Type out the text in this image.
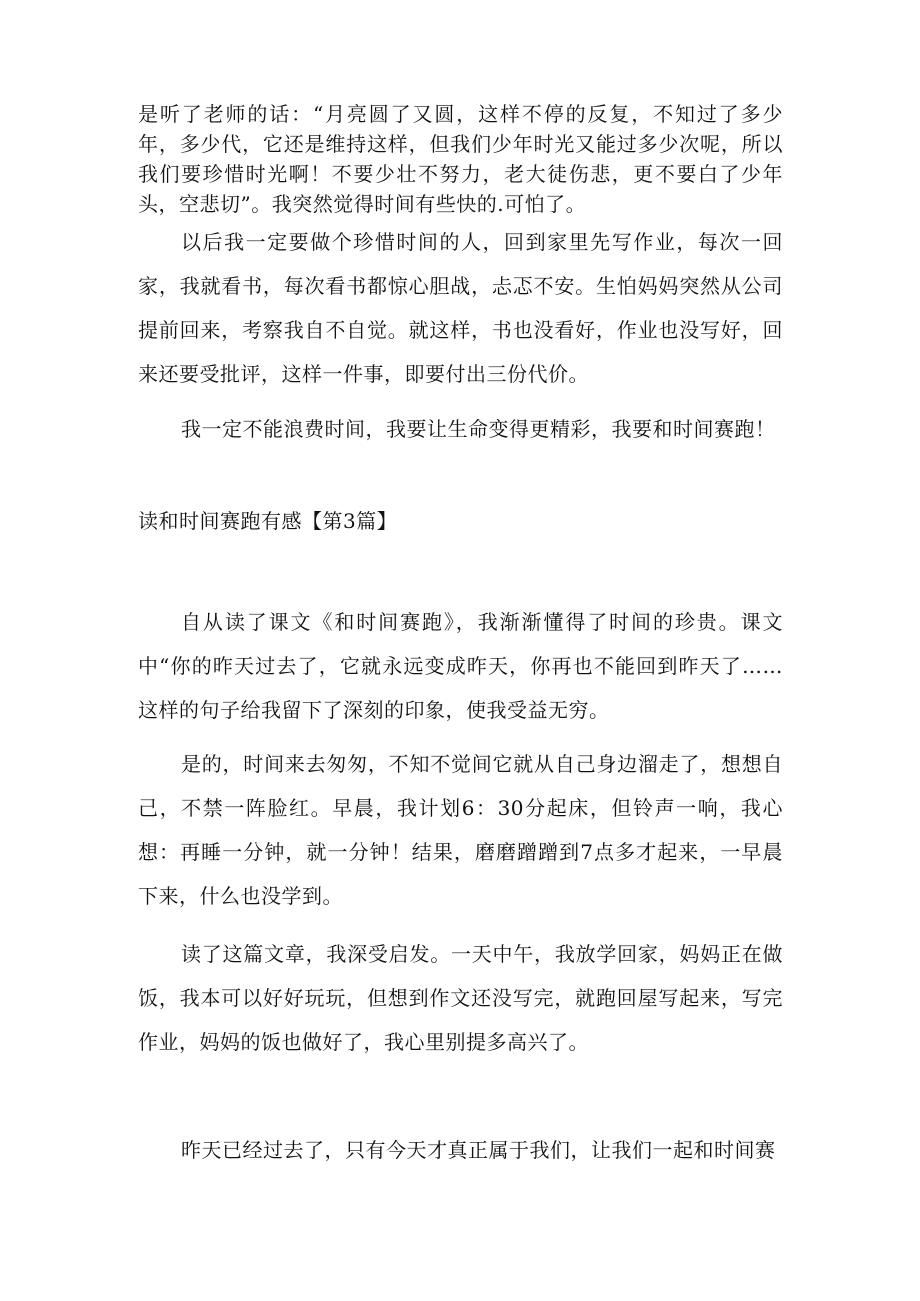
是听了老师的话：“月亮圆了又圆，这样不停的反复，不知过了多少年，多少代，它还是维持这样，但我们少年时光又能过多少次呢，所以我们要珍惜时光啊！不要少壮不努力，老大徒伤悲，更不要白了少年头，空悲切”。我突然觉得时间有些快的.可怕了。

以后我一定要做个珍惜时间的人，回到家里先写作业，每次一回家，我就看书，每次看书都惊心胆战，忐忑不安。生怕妈妈突然从公司提前回来，考察我自不自觉。就这样，书也没看好，作业也没写好，回来还要受批评，这样一件事，即要付出三份代价。

我一定不能浪费时间，我要让生命变得更精彩，我要和时间赛跑！

读和时间赛跑有感【第3篇】

自从读了课文《和时间赛跑》，我渐渐懂得了时间的珍贵。课文中“你的昨天过去了，它就永远变成昨天，你再也不能回到昨天了……这样的句子给我留下了深刻的印象，使我受益无穷。

是的，时间来去匆匆，不知不觉间它就从自己身边溜走了，想想自己，不禁一阵脸红。早晨，我计划6：30分起床，但铃声一响，我心想：再睡一分钟，就一分钟！结果，磨磨蹭蹭到7点多才起来，一早晨下来，什么也没学到。

读了这篇文章，我深受启发。一天中午，我放学回家，妈妈正在做饭，我本可以好好玩玩，但想到作文还没写完，就跑回屋写起来，写完作业，妈妈的饭也做好了，我心里别提多高兴了。

昨天已经过去了，只有今天才真正属于我们，让我们一起和时间赛
